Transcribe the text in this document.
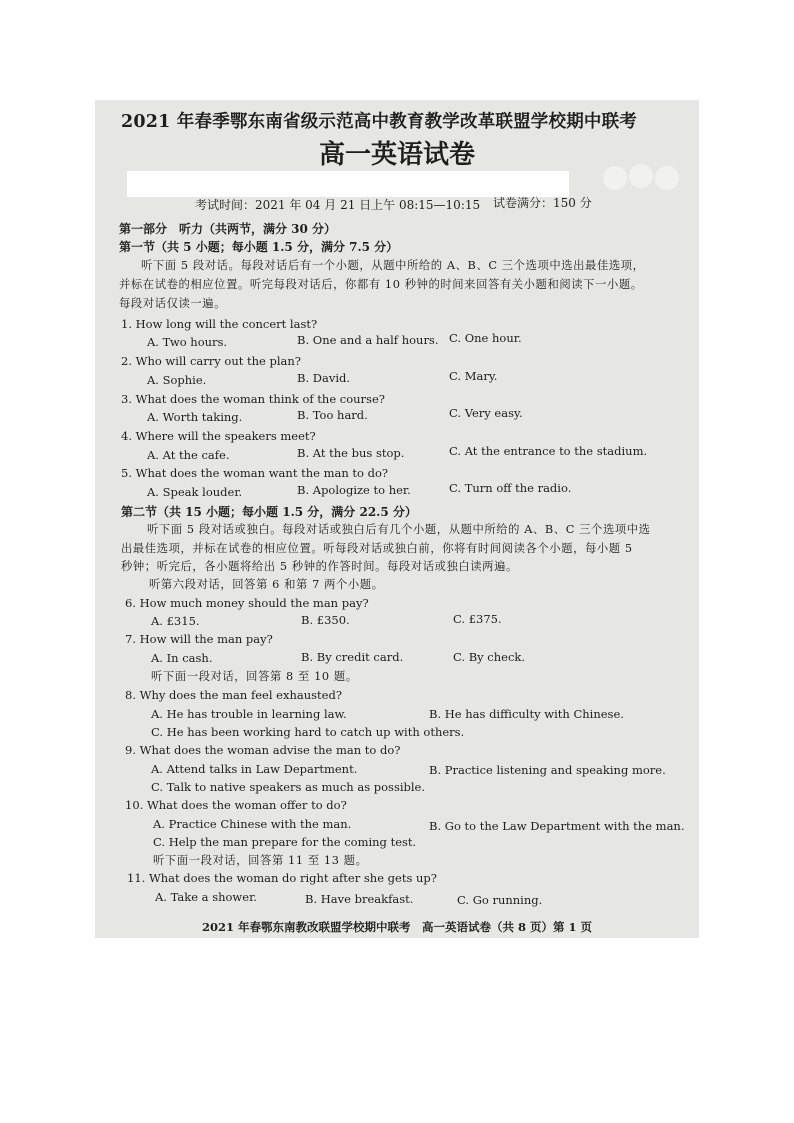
2021 年春季鄂东南省级示范高中教育教学改革联盟学校期中联考
高一英语试卷
考试时间：2021 年 04 月 21 日上午 08:15—10:15 试卷满分：150 分
第一部分　听力（共两节，满分 30 分）
第一节（共 5 小题；每小题 1.5 分，满分 7.5 分）
听下面 5 段对话。每段对话后有一个小题，从题中所给的 A、B、C 三个选项中选出最佳选项，
并标在试卷的相应位置。听完每段对话后，你都有 10 秒钟的时间来回答有关小题和阅读下一小题。
每段对话仅读一遍。
1. How long will the concert last?
A. Two hours.	B. One and a half hours. C. One hour.
2. Who will carry out the plan?
A. Sophie.	B. David.	C. Mary.
3. What does the woman think of the course?
A. Worth taking.	B. Too hard.	C. Very easy.
4. Where will the speakers meet?
A. At the cafe.	B. At the bus stop.	C. At the entrance to the stadium.
5. What does the woman want the man to do?
A. Speak louder.	B. Apologize to her.	C. Turn off the radio.
第二节（共 15 小题；每小题 1.5 分，满分 22.5 分）
听下面 5 段对话或独白。每段对话或独白后有几个小题，从题中所给的 A、B、C 三个选项中选
出最佳选项，并标在试卷的相应位置。听每段对话或独白前，你将有时间阅读各个小题，每小题 5
秒钟；听完后，各小题将给出 5 秒钟的作答时间。每段对话或独白读两遍。
听第六段对话，回答第 6 和第 7 两个小题。
6. How much money should the man pay?
A. £315.	B. £350.	C. £375.
7. How will the man pay?
A. In cash.	B. By credit card.	C. By check.
听下面一段对话，回答第 8 至 10 题。
8. Why does the man feel exhausted?
A. He has trouble in learning law.	B. He has difficulty with Chinese.
C. He has been working hard to catch up with others.
9. What does the woman advise the man to do?
A. Attend talks in Law Department.	B. Practice listening and speaking more.
C. Talk to native speakers as much as possible.
10. What does the woman offer to do?
A. Practice Chinese with the man.	B. Go to the Law Department with the man.
C. Help the man prepare for the coming test.
听下面一段对话，回答第 11 至 13 题。
11. What does the woman do right after she gets up?
A. Take a shower.	B. Have breakfast.	C. Go running.
2021 年春鄂东南教改联盟学校期中联考　高一英语试卷（共 8 页）第 1 页
